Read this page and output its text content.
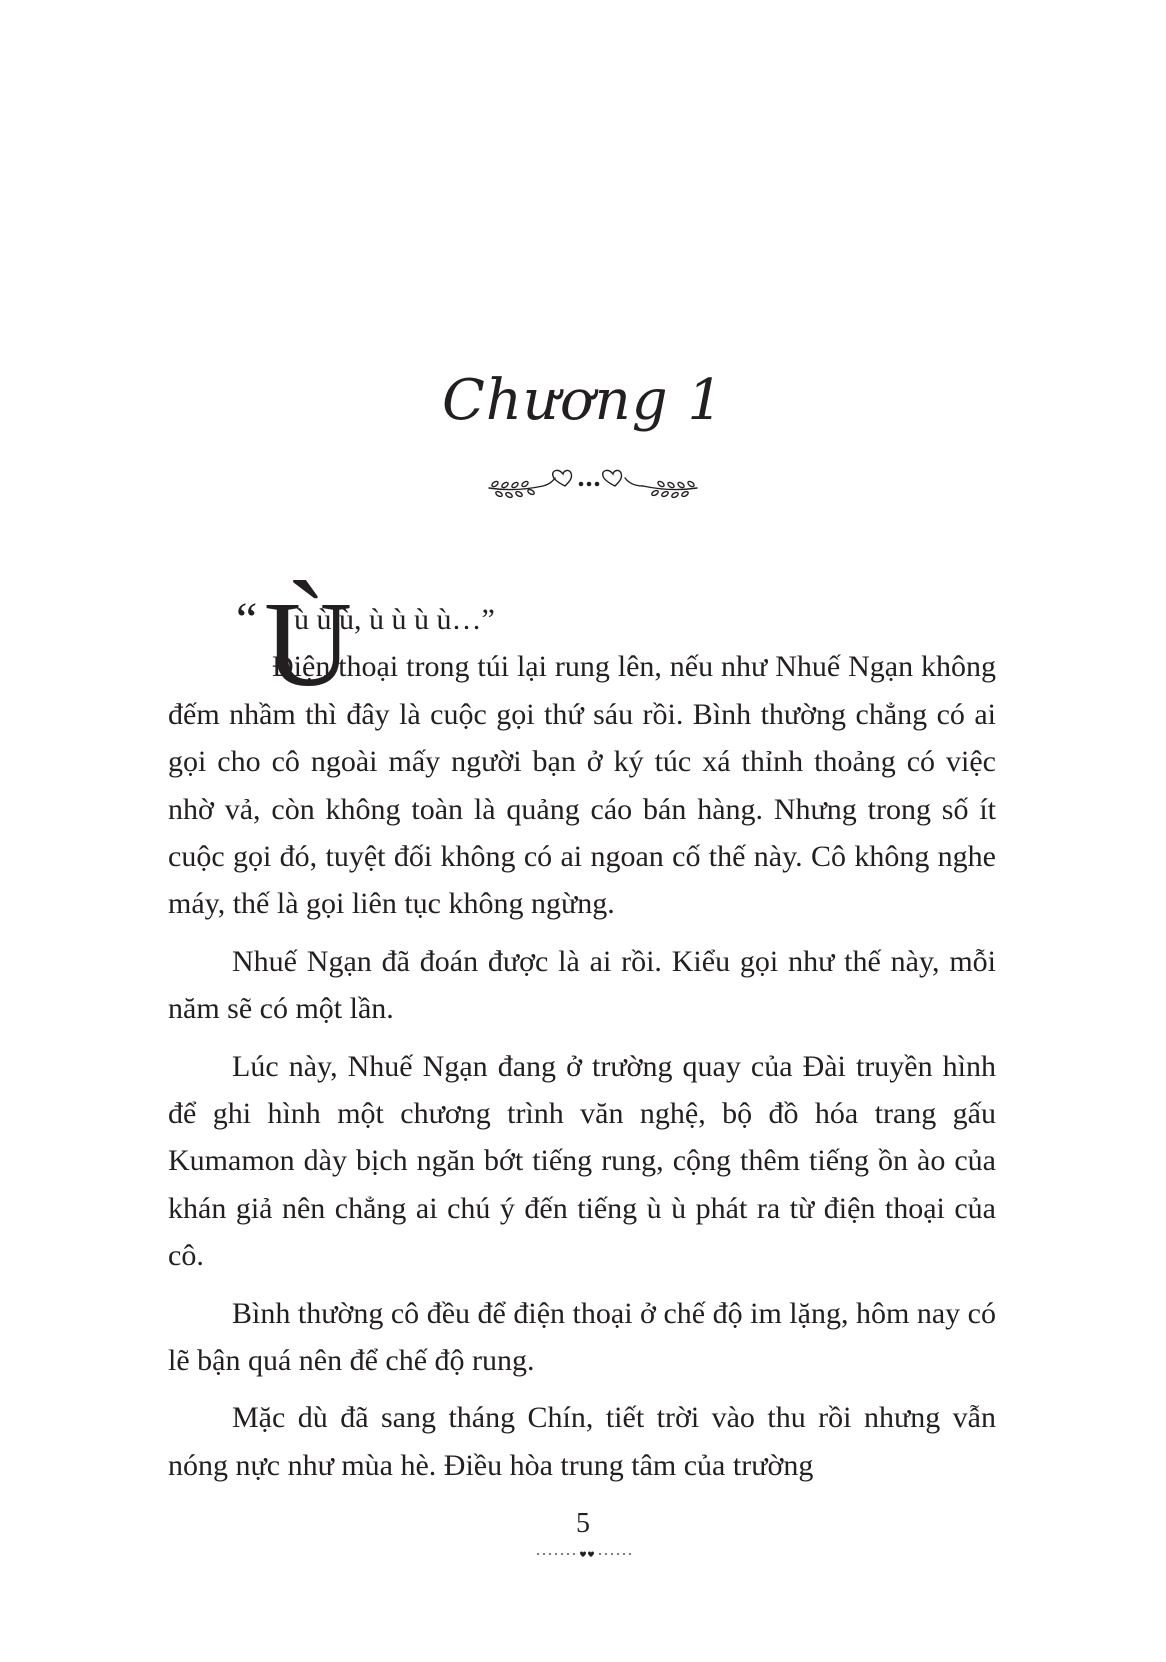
Chương 1
“ Ù
ù ù ù, ù ù ù ù…”

Điện thoại trong túi lại rung lên, nếu như Nhuế Ngạn không đếm nhầm thì đây là cuộc gọi thứ sáu rồi. Bình thường chẳng có ai gọi cho cô ngoài mấy người bạn ở ký túc xá thỉnh thoảng có việc nhờ vả, còn không toàn là quảng cáo bán hàng. Nhưng trong số ít cuộc gọi đó, tuyệt đối không có ai ngoan cố thế này. Cô không nghe máy, thế là gọi liên tục không ngừng.

Nhuế Ngạn đã đoán được là ai rồi. Kiểu gọi như thế này, mỗi năm sẽ có một lần.

Lúc này, Nhuế Ngạn đang ở trường quay của Đài truyền hình để ghi hình một chương trình văn nghệ, bộ đồ hóa trang gấu Kumamon dày bịch ngăn bớt tiếng rung, cộng thêm tiếng ồn ào của khán giả nên chẳng ai chú ý đến tiếng ù ù phát ra từ điện thoại của cô.

Bình thường cô đều để điện thoại ở chế độ im lặng, hôm nay có lẽ bận quá nên để chế độ rung.

Mặc dù đã sang tháng Chín, tiết trời vào thu rồi nhưng vẫn nóng nực như mùa hè. Điều hòa trung tâm của trường

5
